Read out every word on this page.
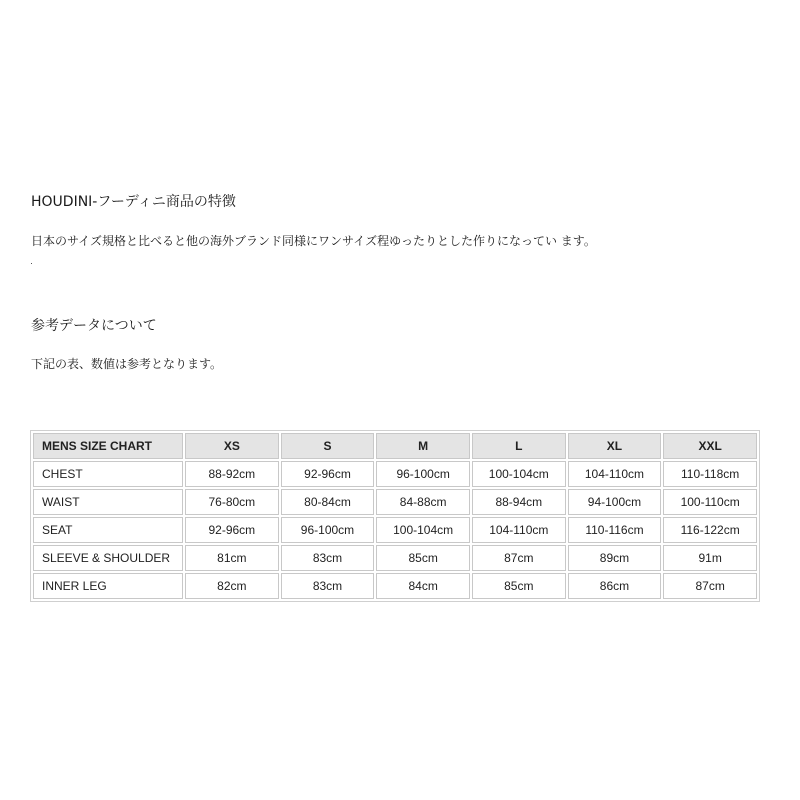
HOUDINI-フーディニ商品の特徴

日本のサイズ規格と比べると他の海外ブランド同様にワンサイズ程ゆったりとした作りになってい ます。

参考データについて

下記の表、数値は参考となります。

MENS SIZE CHART	XS	S	M	L	XL	XXL
CHEST	88-92cm	92-96cm	96-100cm	100-104cm	104-110cm	110-118cm
WAIST	76-80cm	80-84cm	84-88cm	88-94cm	94-100cm	100-110cm
SEAT	92-96cm	96-100cm	100-104cm	104-110cm	110-116cm	116-122cm
SLEEVE & SHOULDER	81cm	83cm	85cm	87cm	89cm	91m
INNER LEG	82cm	83cm	84cm	85cm	86cm	87cm
